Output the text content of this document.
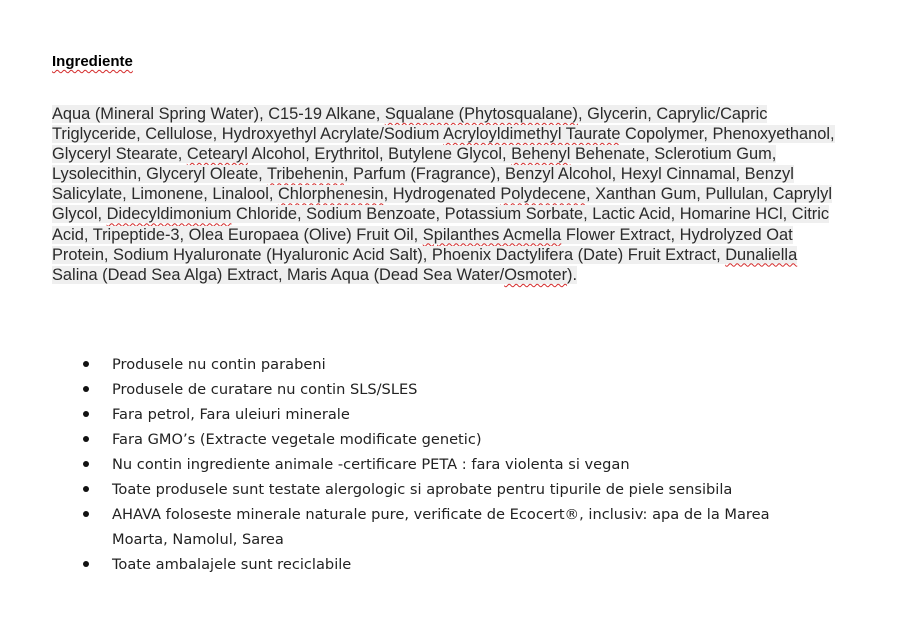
Ingrediente

Aqua (Mineral Spring Water), C15-19 Alkane, Squalane (Phytosqualane), Glycerin, Caprylic/Capric Triglyceride, Cellulose, Hydroxyethyl Acrylate/Sodium Acryloyldimethyl Taurate Copolymer, Phenoxyethanol, Glyceryl Stearate, Cetearyl Alcohol, Erythritol, Butylene Glycol, Behenyl Behenate, Sclerotium Gum, Lysolecithin, Glyceryl Oleate, Tribehenin, Parfum (Fragrance), Benzyl Alcohol, Hexyl Cinnamal, Benzyl Salicylate, Limonene, Linalool, Chlorphenesin, Hydrogenated Polydecene, Xanthan Gum, Pullulan, Caprylyl Glycol, Didecyldimonium Chloride, Sodium Benzoate, Potassium Sorbate, Lactic Acid, Homarine HCl, Citric Acid, Tripeptide-3, Olea Europaea (Olive) Fruit Oil, Spilanthes Acmella Flower Extract, Hydrolyzed Oat Protein, Sodium Hyaluronate (Hyaluronic Acid Salt), Phoenix Dactylifera (Date) Fruit Extract, Dunaliella Salina (Dead Sea Alga) Extract, Maris Aqua (Dead Sea Water/Osmoter).

Produsele nu contin parabeni
Produsele de curatare nu contin SLS/SLES
Fara petrol, Fara uleiuri minerale
Fara GMO’s (Extracte vegetale modificate genetic)
Nu contin ingrediente animale -certificare PETA : fara violenta si vegan
Toate produsele sunt testate alergologic si aprobate pentru tipurile de piele sensibila
AHAVA foloseste minerale naturale pure, verificate de Ecocert®, inclusiv: apa de la Marea Moarta, Namolul, Sarea
Toate ambalajele sunt reciclabile
